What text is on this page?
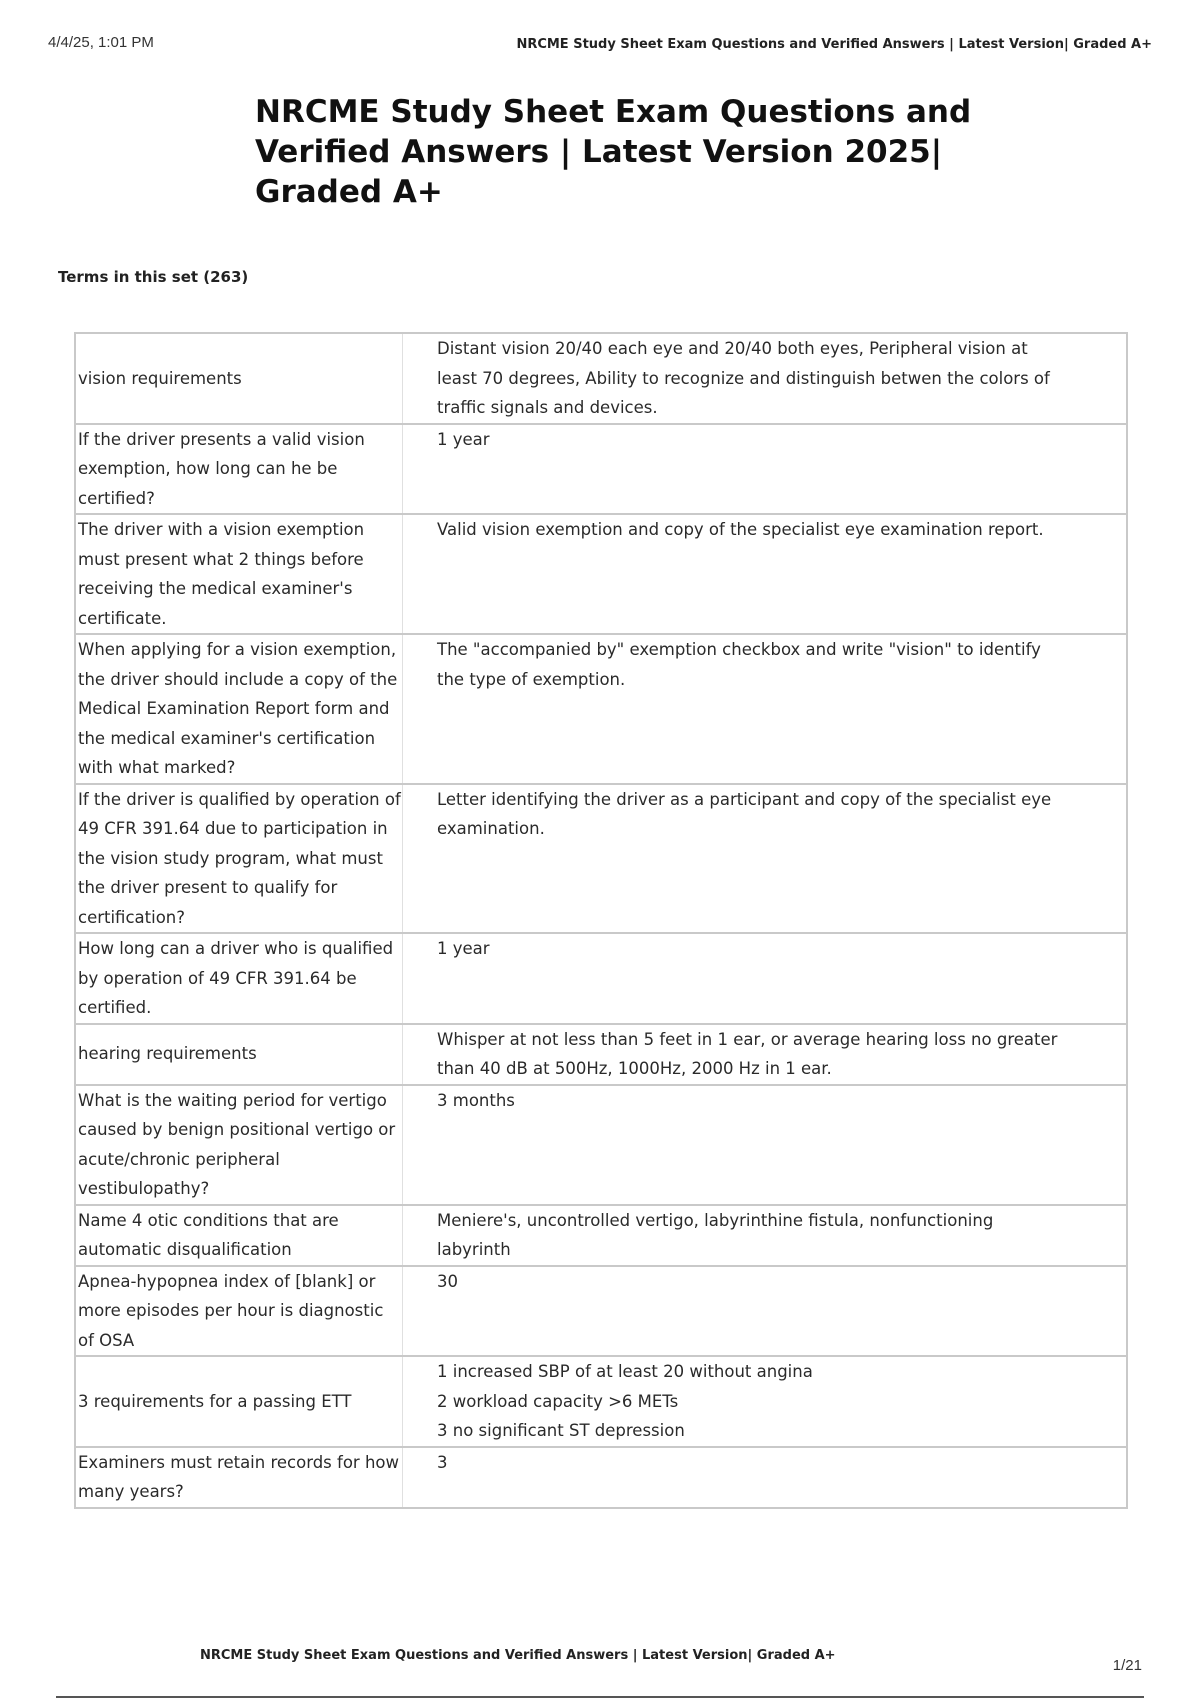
4/4/25, 1:01 PM	NRCME Study Sheet Exam Questions and Verified Answers | Latest Version| Graded A+
NRCME Study Sheet Exam Questions and Verified Answers | Latest Version 2025| Graded A+
Terms in this set (263)
vision requirements	Distant vision 20/40 each eye and 20/40 both eyes, Peripheral vision at least 70 degrees, Ability to recognize and distinguish betwen the colors of traffic signals and devices.

If the driver presents a valid vision exemption, how long can he be certified?	1 year

The driver with a vision exemption must present what 2 things before receiving the medical examiner's certificate.	Valid vision exemption and copy of the specialist eye examination report.

When applying for a vision exemption, the driver should include a copy of the Medical Examination Report form and the medical examiner's certification with what marked?	The "accompanied by" exemption checkbox and write "vision" to identify the type of exemption.

If the driver is qualified by operation of 49 CFR 391.64 due to participation in the vision study program, what must the driver present to qualify for certification?	Letter identifying the driver as a participant and copy of the specialist eye examination.

How long can a driver who is qualified by operation of 49 CFR 391.64 be certified.	1 year

hearing requirements	Whisper at not less than 5 feet in 1 ear, or average hearing loss no greater than 40 dB at 500Hz, 1000Hz, 2000 Hz in 1 ear.

What is the waiting period for vertigo caused by benign positional vertigo or acute/chronic peripheral vestibulopathy?	3 months

Name 4 otic conditions that are automatic disqualification	Meniere's, uncontrolled vertigo, labyrinthine fistula, nonfunctioning labyrinth

Apnea-hypopnea index of [blank] or more episodes per hour is diagnostic of OSA	30

3 requirements for a passing ETT	1 increased SBP of at least 20 without angina
2 workload capacity >6 METs
3 no significant ST depression

Examiners must retain records for how many years?	3
NRCME Study Sheet Exam Questions and Verified Answers | Latest Version| Graded A+
1/21
